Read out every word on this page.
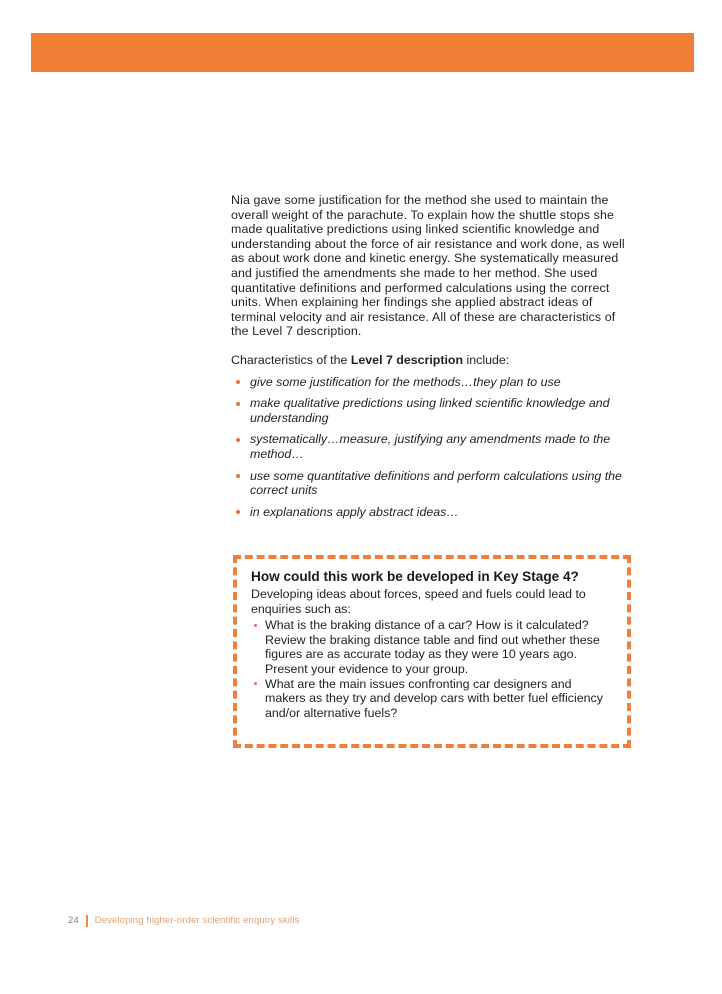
Nia gave some justification for the method she used to maintain the overall weight of the parachute. To explain how the shuttle stops she made qualitative predictions using linked scientific knowledge and understanding about the force of air resistance and work done, as well as about work done and kinetic energy. She systematically measured and justified the amendments she made to her method. She used quantitative definitions and performed calculations using the correct units. When explaining her findings she applied abstract ideas of terminal velocity and air resistance. All of these are characteristics of the Level 7 description.

Characteristics of the Level 7 description include:

give some justification for the methods…they plan to use
make qualitative predictions using linked scientific knowledge and understanding
systematically…measure, justifying any amendments made to the method…
use some quantitative definitions and perform calculations using the correct units
in explanations apply abstract ideas…
How could this work be developed in Key Stage 4?

Developing ideas about forces, speed and fuels could lead to enquiries such as:

What is the braking distance of a car? How is it calculated? Review the braking distance table and find out whether these figures are as accurate today as they were 10 years ago. Present your evidence to your group.
What are the main issues confronting car designers and makers as they try and develop cars with better fuel efficiency and/or alternative fuels?
24 Developing higher-order scientific enquiry skills
